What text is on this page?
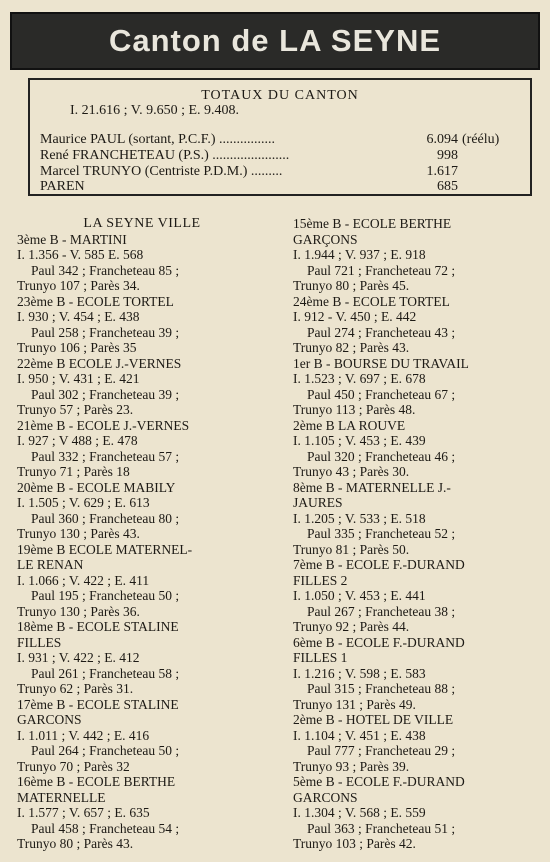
Canton de LA SEYNE
TOTAUX DU CANTON
I. 21.616 ; V. 9.650 ; E. 9.408.
Maurice PAUL (sortant, P.C.F.) ................	6.094 (réélu)
René FRANCHETEAU (P.S.) ......................	998
Marcel TRUNYO (Centriste P.D.M.) .........	1.617
PAREN	685
LA SEYNE VILLE
3ème B - MARTINI
I. 1.356 - V. 585 E. 568
Paul 342 ; Francheteau 85 ;
Trunyo 107 ; Parès 34.
23ème B - ECOLE TORTEL
I. 930 ; V. 454 ; E. 438
Paul 258 ; Francheteau 39 ;
Trunyo 106 ; Parès 35
22ème B ECOLE J.-VERNES
I. 950 ; V. 431 ; E. 421
Paul 302 ; Francheteau 39 ;
Trunyo 57 ; Parès 23.
21ème B - ECOLE J.-VERNES
I. 927 ; V 488 ; E. 478
Paul 332 ; Francheteau 57 ;
Trunyo 71 ; Parès 18
20ème B - ECOLE MABILY
I. 1.505 ; V. 629 ; E. 613
Paul 360 ; Francheteau 80 ;
Trunyo 130 ; Parès 43.
19ème B ECOLE MATERNEL-
LE RENAN
I. 1.066 ; V. 422 ; E. 411
Paul 195 ; Francheteau 50 ;
Trunyo 130 ; Parès 36.
18ème B - ECOLE STALINE
FILLES
I. 931 ; V. 422 ; E. 412
Paul 261 ; Francheteau 58 ;
Trunyo 62 ; Parès 31.
17ème B - ECOLE STALINE
GARCONS
I. 1.011 ; V. 442 ; E. 416
Paul 264 ; Francheteau 50 ;
Trunyo 70 ; Parès 32
16ème B - ECOLE BERTHE
MATERNELLE
I. 1.577 ; V. 657 ; E. 635
Paul 458 ; Francheteau 54 ;
Trunyo 80 ; Parès 43.
15ème B - ECOLE BERTHE
GARÇONS
I. 1.944 ; V. 937 ; E. 918
Paul 721 ; Francheteau 72 ;
Trunyo 80 ; Parès 45.
24ème B - ECOLE TORTEL
I. 912 - V. 450 ; E. 442
Paul 274 ; Francheteau 43 ;
Trunyo 82 ; Parès 43.
1er B - BOURSE DU TRAVAIL
I. 1.523 ; V. 697 ; E. 678
Paul 450 ; Francheteau 67 ;
Trunyo 113 ; Parès 48.
2ème B LA ROUVE
I. 1.105 ; V. 453 ; E. 439
Paul 320 ; Francheteau 46 ;
Trunyo 43 ; Parès 30.
8ème B - MATERNELLE J.-
JAURES
I. 1.205 ; V. 533 ; E. 518
Paul 335 ; Francheteau 52 ;
Trunyo 81 ; Parès 50.
7ème B - ECOLE F.-DURAND
FILLES 2
I. 1.050 ; V. 453 ; E. 441
Paul 267 ; Francheteau 38 ;
Trunyo 92 ; Parès 44.
6ème B - ECOLE F.-DURAND
FILLES 1
I. 1.216 ; V. 598 ; E. 583
Paul 315 ; Francheteau 88 ;
Trunyo 131 ; Parès 49.
2ème B - HOTEL DE VILLE
I. 1.104 ; V. 451 ; E. 438
Paul 777 ; Francheteau 29 ;
Trunyo 93 ; Parès 39.
5ème B - ECOLE F.-DURAND
GARCONS
I. 1.304 ; V. 568 ; E. 559
Paul 363 ; Francheteau 51 ;
Trunyo 103 ; Parès 42.
